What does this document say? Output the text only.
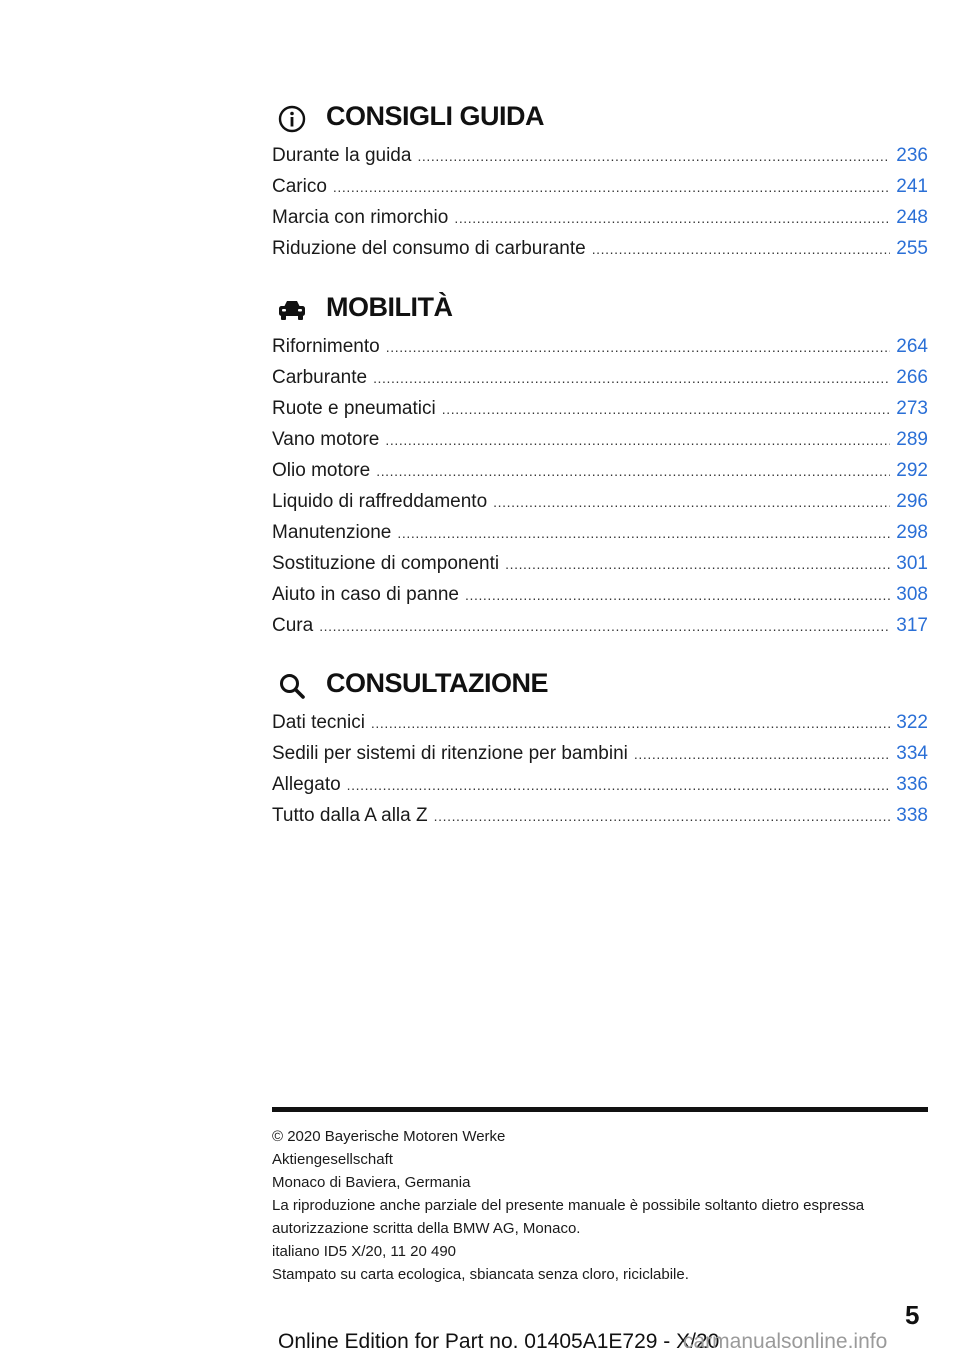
CONSIGLI GUIDA
Durante la guida .....	236
Carico .....	241
Marcia con rimorchio .....	248
Riduzione del consumo di carburante .....	255
MOBILITÀ
Rifornimento .....	264
Carburante .....	266
Ruote e pneumatici .....	273
Vano motore .....	289
Olio motore .....	292
Liquido di raffreddamento .....	296
Manutenzione .....	298
Sostituzione di componenti .....	301
Aiuto in caso di panne .....	308
Cura .....	317
CONSULTAZIONE
Dati tecnici .....	322
Sedili per sistemi di ritenzione per bambini .....	334
Allegato .....	336
Tutto dalla A alla Z .....	338
© 2020 Bayerische Motoren Werke
Aktiengesellschaft
Monaco di Baviera, Germania
La riproduzione anche parziale del presente manuale è possibile soltanto dietro espressa
autorizzazione scritta della BMW AG, Monaco.
italiano ID5 X/20, 11 20 490
Stampato su carta ecologica, sbiancata senza cloro, riciclabile.
5
Online Edition for Part no. 01405A1E729 - X/20
carmanualsonline.info
